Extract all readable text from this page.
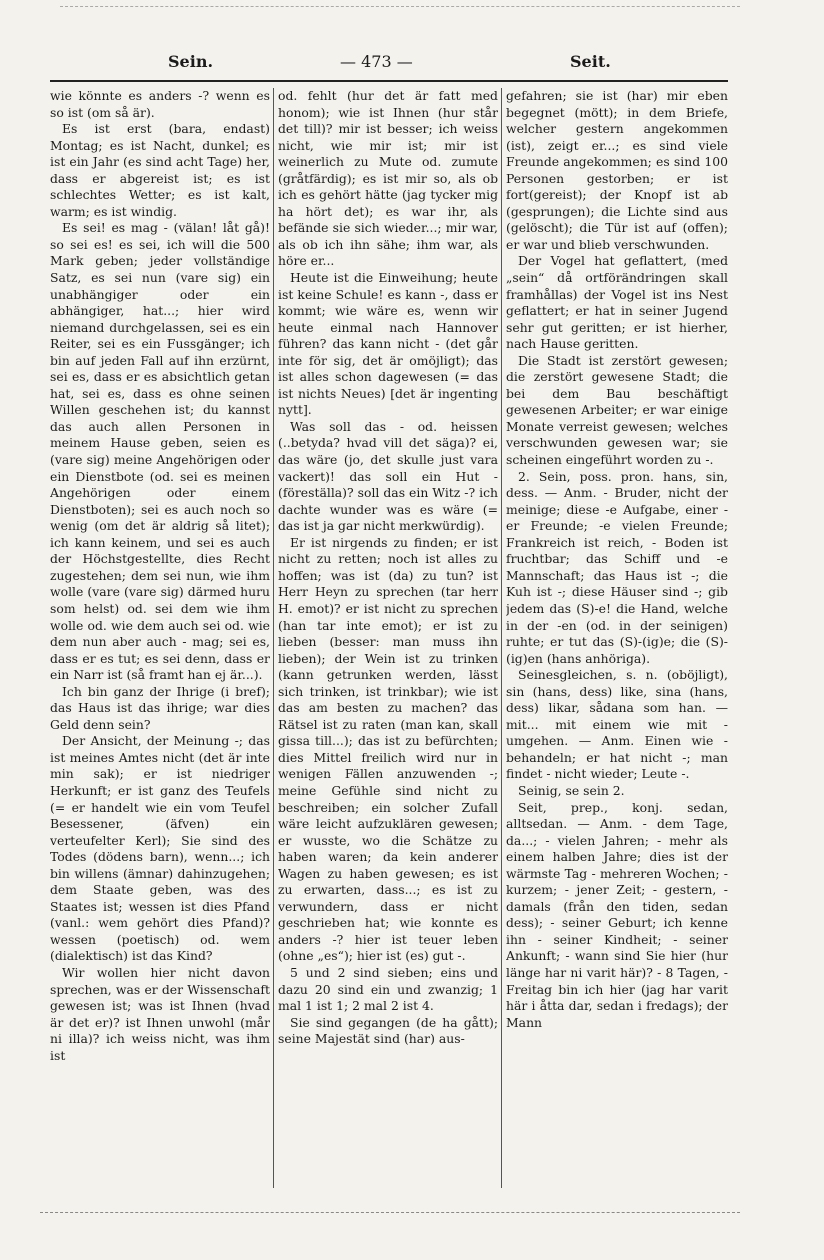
Sein.	— 473 —	Seit.

wie könnte es anders -? wenn es so ist (om så är).

Es ist erst (bara, endast) Montag; es ist Nacht, dunkel; es ist ein Jahr (es sind acht Tage) her, dass er abgereist ist; es ist schlechtes Wetter; es ist kalt, warm; es ist windig.

Es sei! es mag - (välan! låt gå)! so sei es! es sei, ich will die 500 Mark geben; jeder vollständige Satz, es sei nun (vare sig) ein unabhängiger oder ein abhängiger, hat...; hier wird niemand durchgelassen, sei es ein Reiter, sei es ein Fussgänger; ich bin auf jeden Fall auf ihn erzürnt, sei es, dass er es absichtlich getan hat, sei es, dass es ohne seinen Willen geschehen ist; du kannst das auch allen Personen in meinem Hause geben, seien es (vare sig) meine Angehörigen oder ein Dienstbote (od. sei es meinen Angehörigen oder einem Dienstboten); sei es auch noch so wenig (om det är aldrig så litet); ich kann keinem, und sei es auch der Höchstgestellte, dies Recht zugestehen; dem sei nun, wie ihm wolle (vare (vare sig) därmed huru som helst) od. sei dem wie ihm wolle od. wie dem auch sei od. wie dem nun aber auch - mag; sei es, dass er es tut; es sei denn, dass er ein Narr ist (så framt han ej är...).

Ich bin ganz der Ihrige (i bref); das Haus ist das ihrige; war dies Geld denn sein?

Der Ansicht, der Meinung -; das ist meines Amtes nicht (det är inte min sak); er ist niedriger Herkunft; er ist ganz des Teufels (= er handelt wie ein vom Teufel Besessener, (äfven) ein verteufelter Kerl); Sie sind des Todes (dödens barn), wenn...; ich bin willens (ämnar) dahinzugehen; dem Staate geben, was des Staates ist; wessen ist dies Pfand (vanl.: wem gehört dies Pfand)? wessen (poetisch) od. wem (dialektisch) ist das Kind?

Wir wollen hier nicht davon sprechen, was er der Wissenschaft gewesen ist; was ist Ihnen (hvad är det er)? ist Ihnen unwohl (mår ni illa)? ich weiss nicht, was ihm ist

od. fehlt (hur det är fatt med honom); wie ist Ihnen (hur står det till)? mir ist besser; ich weiss nicht, wie mir ist; mir ist weinerlich zu Mute od. zumute (gråtfärdig); es ist mir so, als ob ich es gehört hätte (jag tycker mig ha hört det); es war ihr, als befände sie sich wieder...; mir war, als ob ich ihn sähe; ihm war, als höre er...

Heute ist die Einweihung; heute ist keine Schule! es kann -, dass er kommt; wie wäre es, wenn wir heute einmal nach Hannover führen? das kann nicht - (det går inte för sig, det är omöjligt); das ist alles schon dagewesen (= das ist nichts Neues) [det är ingenting nytt].

Was soll das - od. heissen (..betyda? hvad vill det säga)? ei, das wäre (jo, det skulle just vara vackert)! das soll ein Hut - (föreställa)? soll das ein Witz -? ich dachte wunder was es wäre (= das ist ja gar nicht merkwürdig).

Er ist nirgends zu finden; er ist nicht zu retten; noch ist alles zu hoffen; was ist (da) zu tun? ist Herr Heyn zu sprechen (tar herr H. emot)? er ist nicht zu sprechen (han tar inte emot); er ist zu lieben (besser: man muss ihn lieben); der Wein ist zu trinken (kann getrunken werden, lässt sich trinken, ist trinkbar); wie ist das am besten zu machen? das Rätsel ist zu raten (man kan, skall gissa till...); das ist zu befürchten; dies Mittel freilich wird nur in wenigen Fällen anzuwenden -; meine Gefühle sind nicht zu beschreiben; ein solcher Zufall wäre leicht aufzuklären gewesen; er wusste, wo die Schätze zu haben waren; da kein anderer Wagen zu haben gewesen; es ist zu erwarten, dass...; es ist zu verwundern, dass er nicht geschrieben hat; wie konnte es anders -? hier ist teuer leben (ohne „es“); hier ist (es) gut -.

5 und 2 sind sieben; eins und dazu 20 sind ein und zwanzig; 1 mal 1 ist 1; 2 mal 2 ist 4.

Sie sind gegangen (de ha gått); seine Majestät sind (har) aus-

gefahren; sie ist (har) mir eben begegnet (mött); in dem Briefe, welcher gestern angekommen (ist), zeigt er...; es sind viele Freunde angekommen; es sind 100 Personen gestorben; er ist fort(gereist); der Knopf ist ab (gesprungen); die Lichte sind aus (gelöscht); die Tür ist auf (offen); er war und blieb verschwunden.

Der Vogel hat geflattert, (med „sein“ då ortförändringen skall framhållas) der Vogel ist ins Nest geflattert; er hat in seiner Jugend sehr gut geritten; er ist hierher, nach Hause geritten.

Die Stadt ist zerstört gewesen; die zerstört gewesene Stadt; die bei dem Bau beschäftigt gewesenen Arbeiter; er war einige Monate verreist gewesen; welches verschwunden gewesen war; sie scheinen eingeführt worden zu -.

2. Sein, poss. pron. hans, sin, dess. — Anm. - Bruder, nicht der meinige; diese -e Aufgabe, einer -er Freunde; -e vielen Freunde; Frankreich ist reich, - Boden ist fruchtbar; das Schiff und -e Mannschaft; das Haus ist -; die Kuh ist -; diese Häuser sind -; gib jedem das (S)-e! die Hand, welche in der -en (od. in der seinigen) ruhte; er tut das (S)-(ig)e; die (S)-(ig)en (hans anhöriga).

Seinesgleichen, s. n. (oböjligt), sin (hans, dess) like, sina (hans, dess) likar, sådana som han. — mit... mit einem wie mit - umgehen. — Anm. Einen wie - behandeln; er hat nicht -; man findet - nicht wieder; Leute -.

Seinig, se sein 2.

Seit, prep., konj. sedan, alltsedan. — Anm. - dem Tage, da...; - vielen Jahren; - mehr als einem halben Jahre; dies ist der wärmste Tag - mehreren Wochen; - kurzem; - jener Zeit; - gestern, - damals (från den tiden, sedan dess); - seiner Geburt; ich kenne ihn - seiner Kindheit; - seiner Ankunft; - wann sind Sie hier (hur länge har ni varit här)? - 8 Tagen, - Freitag bin ich hier (jag har varit här i åtta dar, sedan i fredags); der Mann
